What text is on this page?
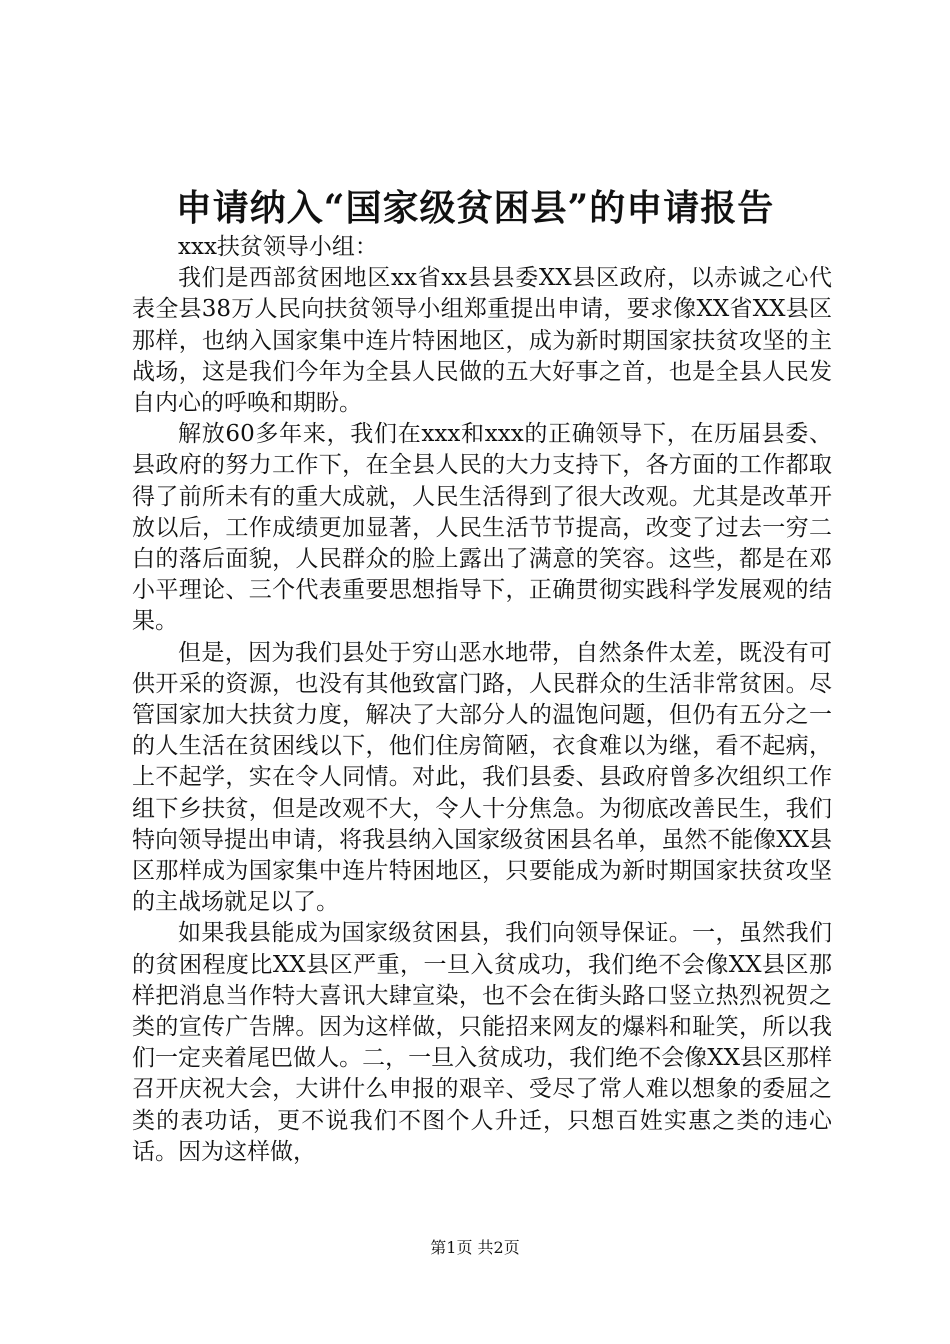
申请纳入“国家级贫困县”的申请报告

xxx扶贫领导小组：

我们是西部贫困地区xx省xx县县委XX县区政府，以赤诚之心代表全县38万人民向扶贫领导小组郑重提出申请，要求像XX省XX县区那样，也纳入国家集中连片特困地区，成为新时期国家扶贫攻坚的主战场，这是我们今年为全县人民做的五大好事之首，也是全县人民发自内心的呼唤和期盼。

解放60多年来，我们在xxx和xxx的正确领导下，在历届县委、县政府的努力工作下，在全县人民的大力支持下，各方面的工作都取得了前所未有的重大成就，人民生活得到了很大改观。尤其是改革开放以后，工作成绩更加显著，人民生活节节提高，改变了过去一穷二白的落后面貌，人民群众的脸上露出了满意的笑容。这些，都是在邓小平理论、三个代表重要思想指导下，正确贯彻实践科学发展观的结果。

但是，因为我们县处于穷山恶水地带，自然条件太差，既没有可供开采的资源，也没有其他致富门路，人民群众的生活非常贫困。尽管国家加大扶贫力度，解决了大部分人的温饱问题，但仍有五分之一的人生活在贫困线以下，他们住房简陋，衣食难以为继，看不起病，上不起学，实在令人同情。对此，我们县委、县政府曾多次组织工作组下乡扶贫，但是改观不大，令人十分焦急。为彻底改善民生，我们特向领导提出申请，将我县纳入国家级贫困县名单，虽然不能像XX县区那样成为国家集中连片特困地区，只要能成为新时期国家扶贫攻坚的主战场就足以了。

如果我县能成为国家级贫困县，我们向领导保证。一，虽然我们的贫困程度比XX县区严重，一旦入贫成功，我们绝不会像XX县区那样把消息当作特大喜讯大肆宣染，也不会在街头路口竖立热烈祝贺之类的宣传广告牌。因为这样做，只能招来网友的爆料和耻笑，所以我们一定夹着尾巴做人。二，一旦入贫成功，我们绝不会像XX县区那样召开庆祝大会，大讲什么申报的艰辛、受尽了常人难以想象的委屈之类的表功话，更不说我们不图个人升迁，只想百姓实惠之类的违心话。因为这样做，

第1页 共2页
